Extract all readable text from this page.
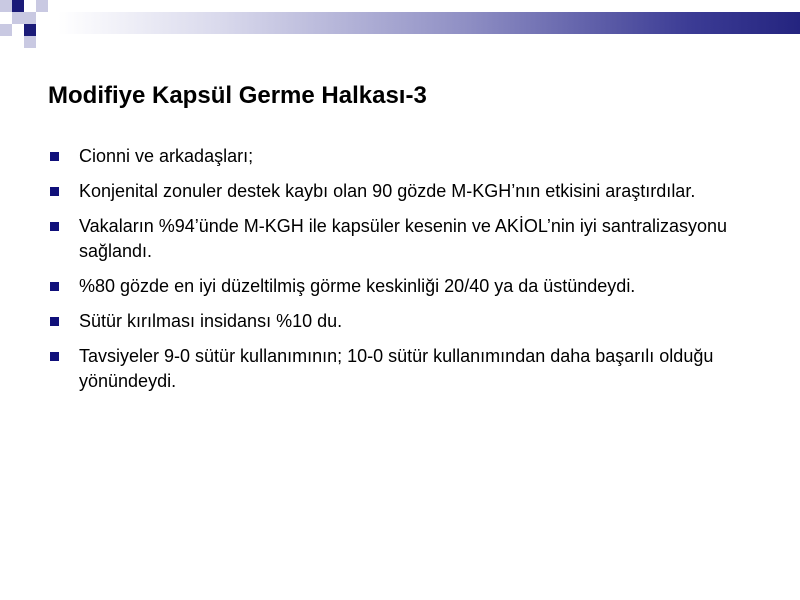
Modifiye Kapsül Germe Halkası-3
Cionni ve arkadaşları;
Konjenital zonuler destek kaybı olan 90 gözde M-KGH’nın etkisini araştırdılar.
Vakaların %94’ünde M-KGH ile kapsüler kesenin ve AKİOL’nin iyi santralizasyonu sağlandı.
%80 gözde en iyi düzeltilmiş görme keskinliği 20/40 ya da üstündeydi.
Sütür kırılması insidansı %10 du.
Tavsiyeler 9-0 sütür kullanımının; 10-0 sütür kullanımından daha başarılı olduğu yönündeydi.
